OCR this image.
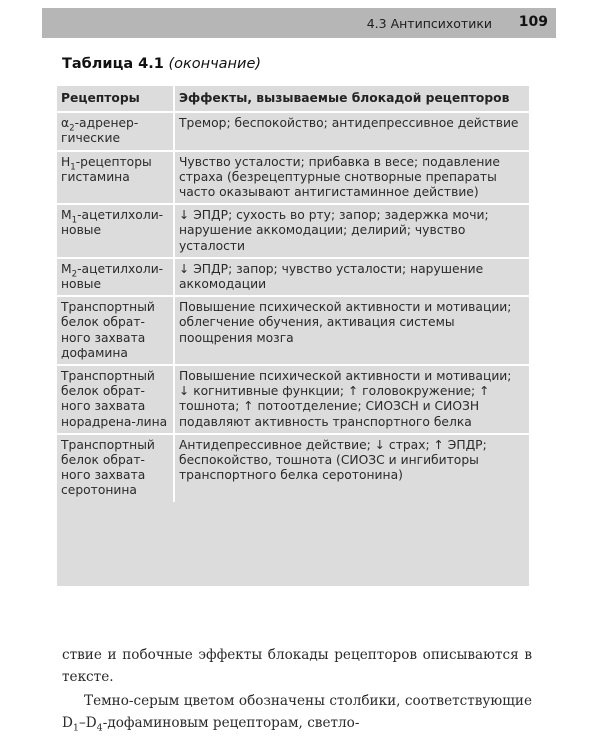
4.3 Антипсихотики 109
Таблица 4.1 (окончание)
Рецепторы	Эффекты, вызываемые блокадой рецепторов
$\alpha_2-адренер$-гические	Тремор; беспокойство; антидепрессивное действие
$H_1$-рецепторы гистамина	Чувство усталости; прибавка в весе; подавление страха (безрецептурные снотворные препараты часто оказывают антигистаминное действие)
$M_1-ацетилхоли$-новые	↓ ЭПДР; сухость во рту; запор; задержка мочи; нарушение аккомодации; делирий; чувство усталости
$M_2-ацетилхоли$-новые	↓ ЭПДР; запор; чувство усталости; нарушение аккомодации
Транспортный белок обрат-ного захвата дофамина	Повышение психической активности и мотивации; облегчение обучения, активация системы поощрения мозга
Транспортный белок обрат-ного захвата норадрена-лина	Повышение психической активности и мотивации; ↓ когнитивные функции; ↑ головокружение; ↑ тошнота; ↑ потоотделение; СИОЗСН и СИОЗН подавляют активность транспортного белка
Транспортный белок обрат-ного захвата серотонина	Антидепрессивное действие; ↓ страх; ↑ ЭПДР; беспокойство, тошнота (СИОЗС и ингибиторы транспортного белка серотонина)

ствие и побочные эффекты блокады рецепторов описываются в тексте.

Темно-серым цветом обозначены столбики, соответствующие $D_1-D_4$-дофаминовым рецепторам, светло-
